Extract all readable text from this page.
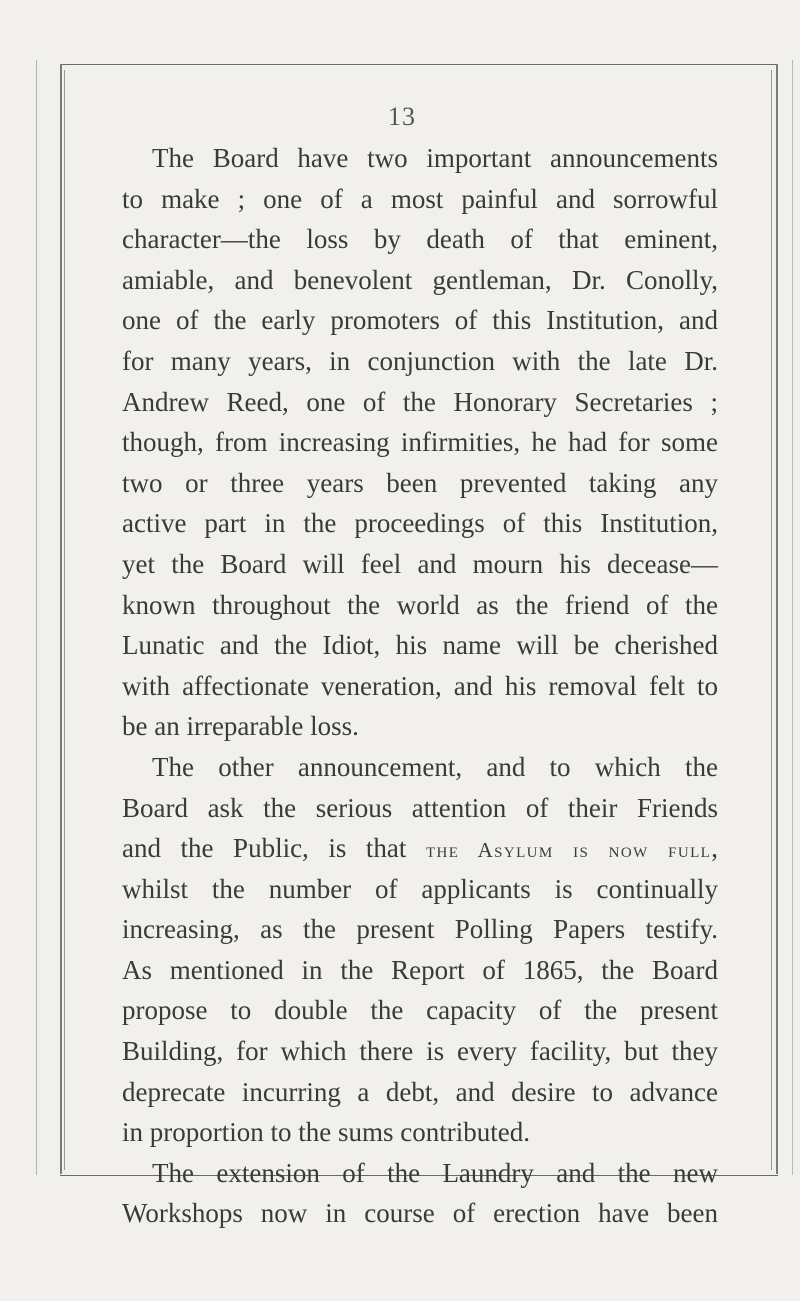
13
The Board have two important announcements
to make ; one of a most painful and sorrowful
character—the loss by death of that eminent,
amiable, and benevolent gentleman, Dr. Conolly,
one of the early promoters of this Institution, and
for many years, in conjunction with the late Dr.
Andrew Reed, one of the Honorary Secretaries ;
though, from increasing infirmities, he had for some
two or three years been prevented taking any
active part in the proceedings of this Institution,
yet the Board will feel and mourn his decease—
known throughout the world as the friend of the
Lunatic and the Idiot, his name will be cherished
with affectionate veneration, and his removal felt to
be an irreparable loss.
The other announcement, and to which the
Board ask the serious attention of their Friends
and the Public, is that the Asylum is now full,
whilst the number of applicants is continually
increasing, as the present Polling Papers testify.
As mentioned in the Report of 1865, the Board
propose to double the capacity of the present
Building, for which there is every facility, but they
deprecate incurring a debt, and desire to advance
in proportion to the sums contributed.
The extension of the Laundry and the new
Workshops now in course of erection have been
